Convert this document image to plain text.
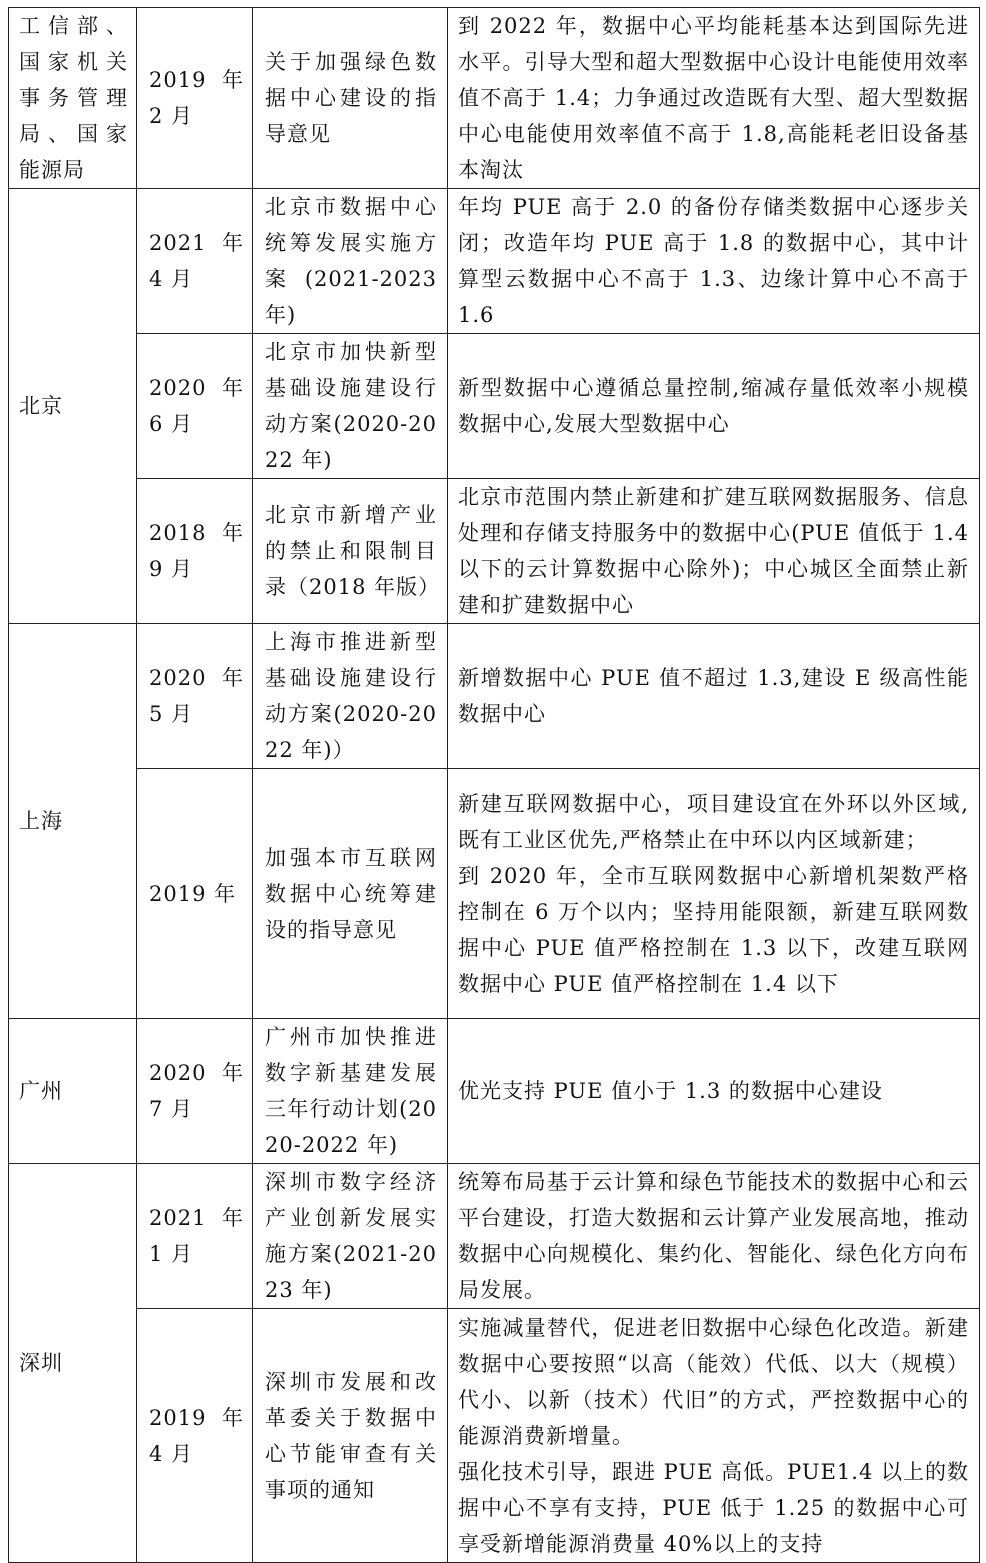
工信部、国家机关事务管理局、国家能源局	2019 年 2 月	关于加强绿色数据中心建设的指导意见	到 2022 年，数据中心平均能耗基本达到国际先进水平。引导大型和超大型数据中心设计电能使用效率值不高于 1.4；力争通过改造既有大型、超大型数据中心电能使用效率值不高于 1.8,高能耗老旧设备基本淘汰

北京	2021 年 4 月	北京市数据中心统筹发展实施方案 (2021-2023 年)	年均 PUE 高于 2.0 的备份存储类数据中心逐步关闭；改造年均 PUE 高于 1.8 的数据中心，其中计算型云数据中心不高于 1.3、边缘计算中心不高于 1.6

	2020 年 6 月	北京市加快新型基础设施建设行动方案(2020-2022 年)	新型数据中心遵循总量控制,缩减存量低效率小规模数据中心,发展大型数据中心

	2018 年 9 月	北京市新增产业的禁止和限制目录（2018 年版）	北京市范围内禁止新建和扩建互联网数据服务、信息处理和存储支持服务中的数据中心(PUE 值低于 1.4 以下的云计算数据中心除外)；中心城区全面禁止新建和扩建数据中心

上海	2020 年 5 月	上海市推进新型基础设施建设行动方案(2020-2022 年)）	新增数据中心 PUE 值不超过 1.3,建设 E 级高性能数据中心

	2019 年	加强本市互联网数据中心统筹建设的指导意见	新建互联网数据中心，项目建设宜在外环以外区域,既有工业区优先,严格禁止在中环以内区域新建；
到 2020 年，全市互联网数据中心新增机架数严格控制在 6 万个以内；坚持用能限额，新建互联网数据中心 PUE 值严格控制在 1.3 以下，改建互联网数据中心 PUE 值严格控制在 1.4 以下

广州	2020 年 7 月	广州市加快推进数字新基建发展三年行动计划(2020-2022 年)	优光支持 PUE 值小于 1.3 的数据中心建设

深圳	2021 年 1 月	深圳市数字经济产业创新发展实施方案(2021-2023 年)	统筹布局基于云计算和绿色节能技术的数据中心和云平台建设，打造大数据和云计算产业发展高地，推动数据中心向规模化、集约化、智能化、绿色化方向布局发展。

	2019 年 4 月	深圳市发展和改革委关于数据中心节能审查有关事项的通知	实施减量替代，促进老旧数据中心绿色化改造。新建数据中心要按照“以高（能效）代低、以大（规模）代小、以新（技术）代旧”的方式，严控数据中心的能源消费新增量。
强化技术引导，跟进 PUE 高低。PUE1.4 以上的数据中心不享有支持，PUE 低于 1.25 的数据中心可享受新增能源消费量 40%以上的支持
